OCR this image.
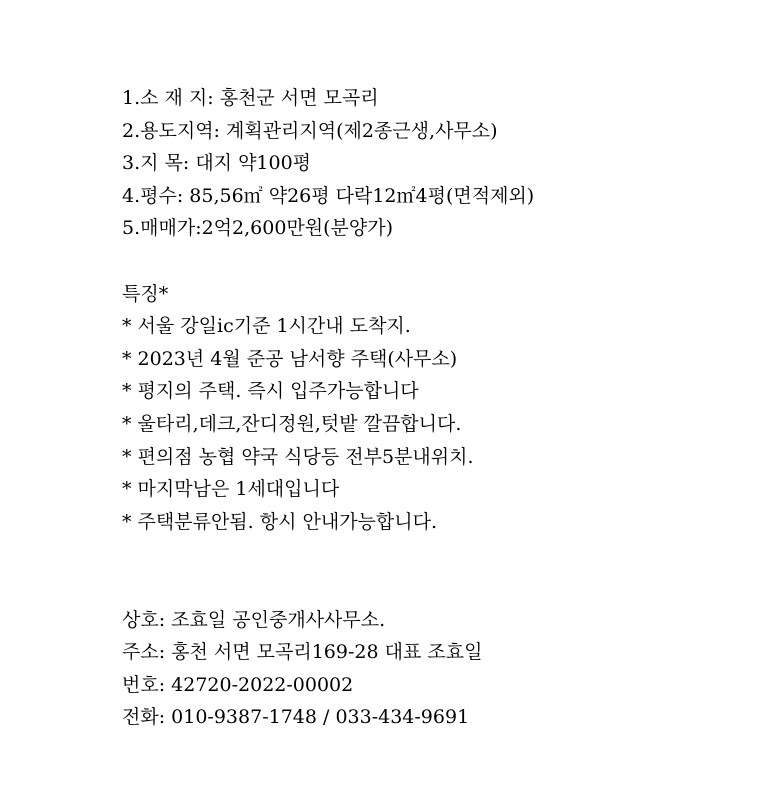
1.소 재 지: 홍천군 서면 모곡리
2.용도지역: 계획관리지역(제2종근생,사무소)
3.지 목: 대지 약100평
4.평수: 85,56㎡ 약26평 다락12㎡4평(면적제외)
5.매매가:2억2,600만원(분양가)
특징*
* 서울 강일ic기준 1시간내 도착지.
* 2023년 4월 준공 남서향 주택(사무소)
* 평지의 주택. 즉시 입주가능합니다
* 울타리,데크,잔디정원,텃밭 깔끔합니다.
* 편의점 농협 약국 식당등 전부5분내위치.
* 마지막남은 1세대입니다
* 주택분류안됨. 항시 안내가능합니다.
상호: 조효일 공인중개사사무소.
주소: 홍천 서면 모곡리169-28 대표 조효일
번호: 42720-2022-00002
전화: 010-9387-1748 / 033-434-9691
